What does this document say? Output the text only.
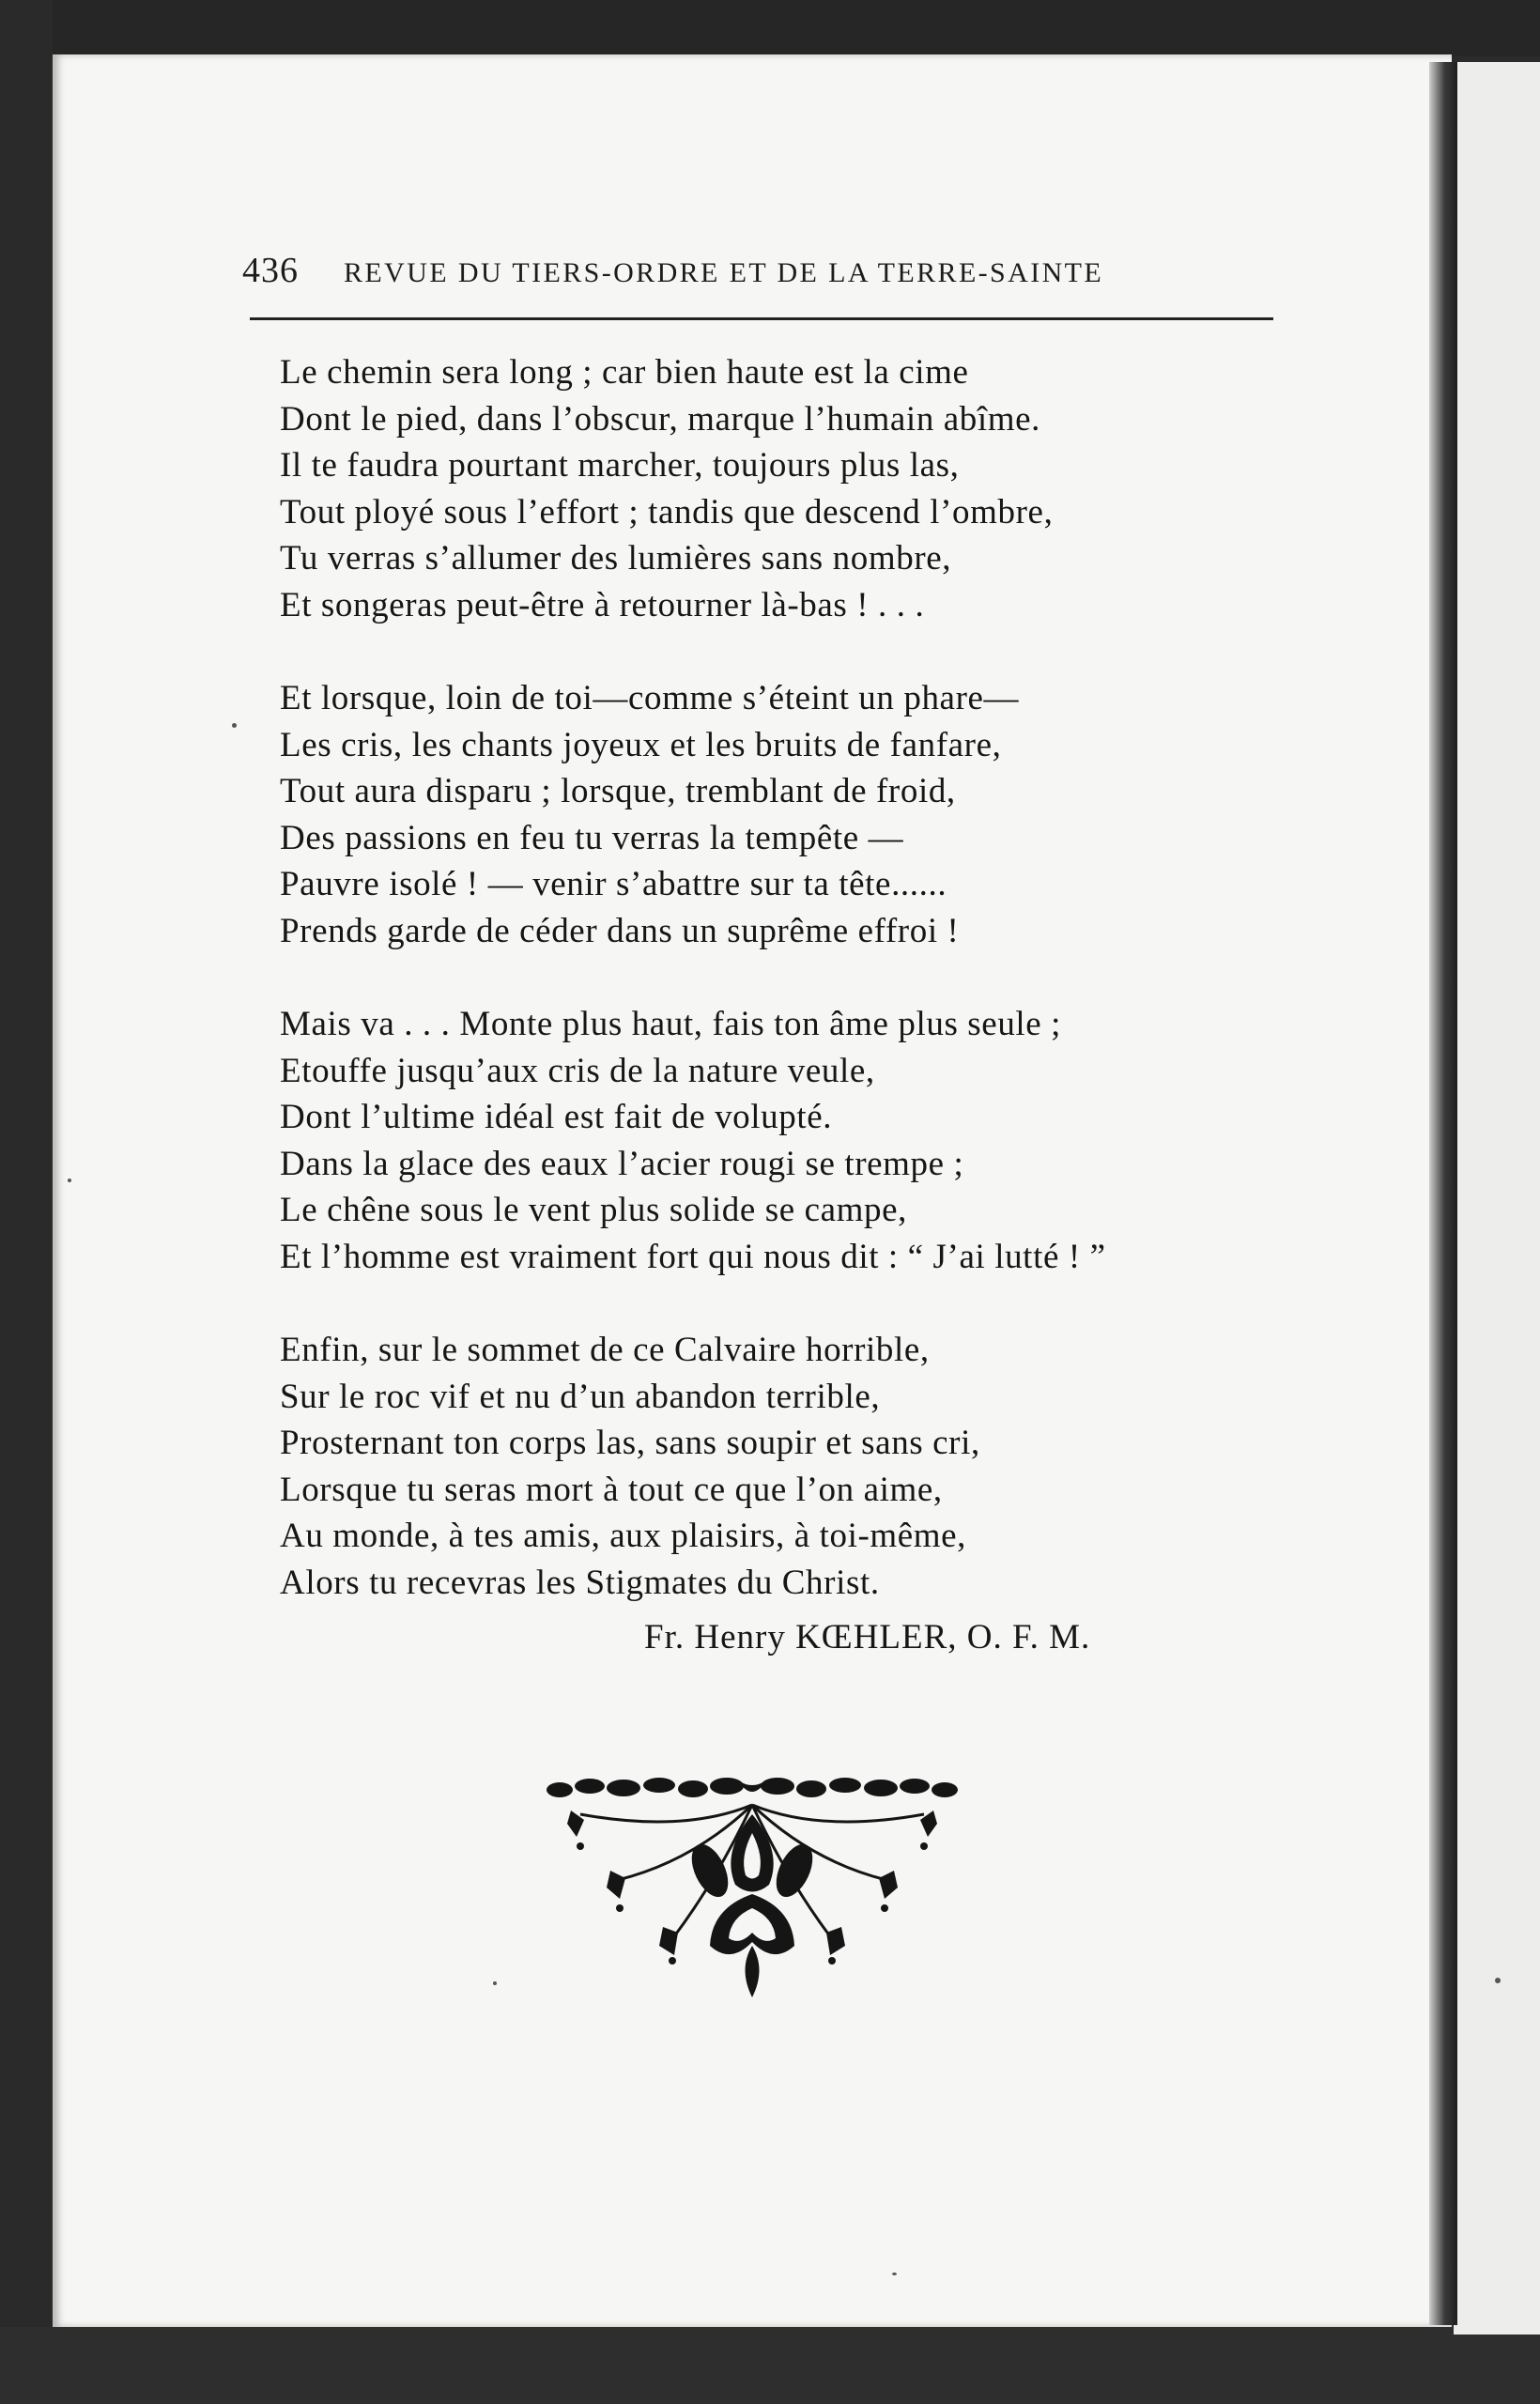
436 REVUE DU TIERS-ORDRE ET DE LA TERRE-SAINTE
Le chemin sera long ; car bien haute est la cime
Dont le pied, dans l’obscur, marque l’humain abîme.
Il te faudra pourtant marcher, toujours plus las,
Tout ployé sous l’effort ; tandis que descend l’ombre,
Tu verras s’allumer des lumières sans nombre,
Et songeras peut-être à retourner là-bas ! . . .
Et lorsque, loin de toi—comme s’éteint un phare—
Les cris, les chants joyeux et les bruits de fanfare,
Tout aura disparu ; lorsque, tremblant de froid,
Des passions en feu tu verras la tempête —
Pauvre isolé ! — venir s’abattre sur ta tête......
Prends garde de céder dans un suprême effroi !
Mais va . . . Monte plus haut, fais ton âme plus seule ;
Etouffe jusqu’aux cris de la nature veule,
Dont l’ultime idéal est fait de volupté.
Dans la glace des eaux l’acier rougi se trempe ;
Le chêne sous le vent plus solide se campe,
Et l’homme est vraiment fort qui nous dit : “ J’ai lutté ! ”
Enfin, sur le sommet de ce Calvaire horrible,
Sur le roc vif et nu d’un abandon terrible,
Prosternant ton corps las, sans soupir et sans cri,
Lorsque tu seras mort à tout ce que l’on aime,
Au monde, à tes amis, aux plaisirs, à toi-même,
Alors tu recevras les Stigmates du Christ.
Fr. Henry KŒHLER, O. F. M.
